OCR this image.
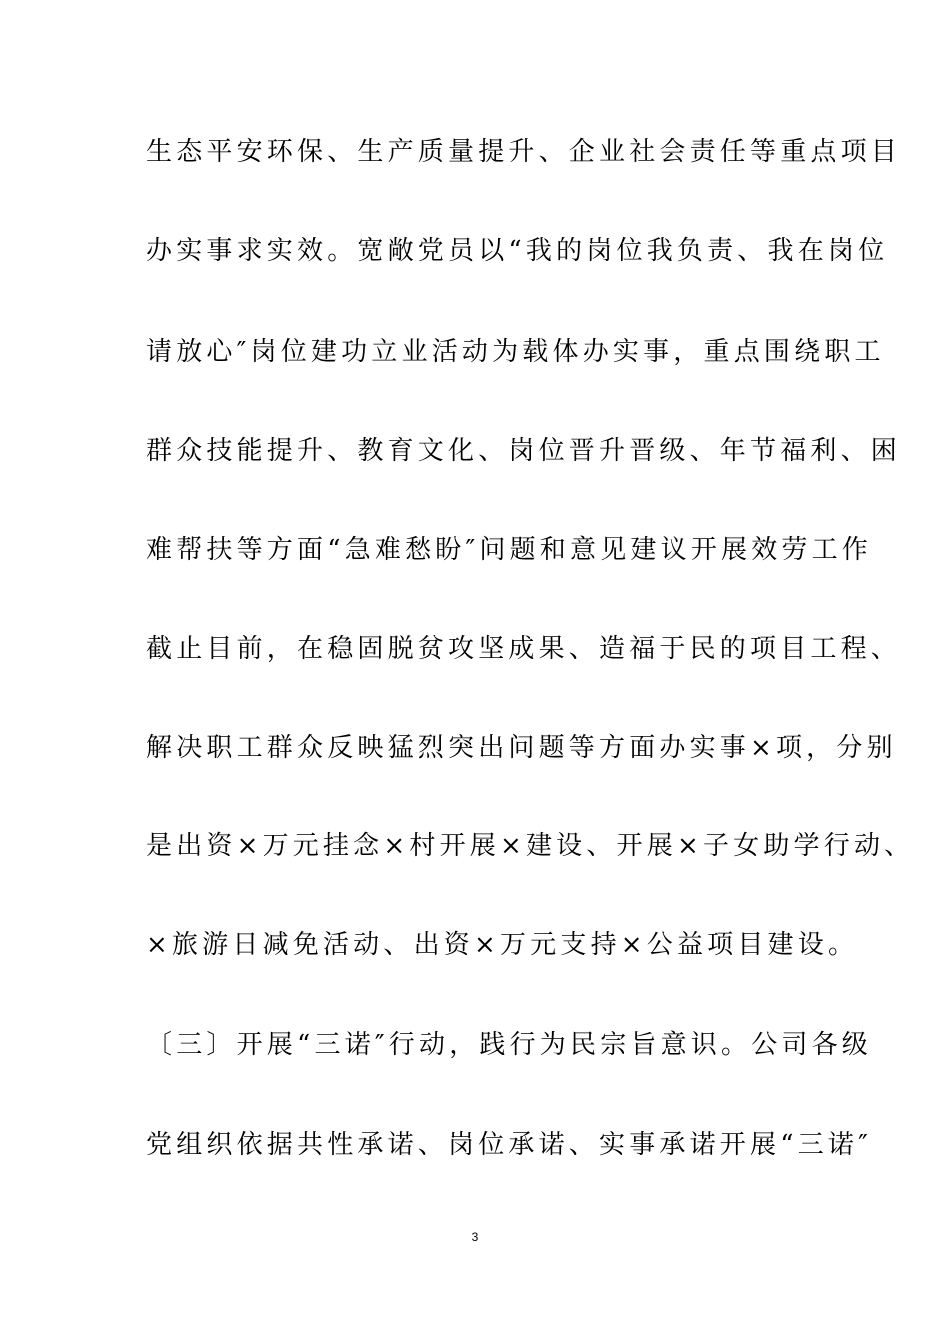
生态平安环保、生产质量提升、企业社会责任等重点项目
办实事求实效。宽敞党员以“我的岗位我负责、我在岗位
请放心″岗位建功立业活动为载体办实事，重点围绕职工
群众技能提升、教育文化、岗位晋升晋级、年节福利、困
难帮扶等方面“急难愁盼″问题和意见建议开展效劳工作
截止目前，在稳固脱贫攻坚成果、造福于民的项目工程、
解决职工群众反映猛烈突出问题等方面办实事×项，分别
是出资×万元挂念×村开展×建设、开展×子女助学行动、
×旅游日减免活动、出资×万元支持×公益项目建设。
〔三〕开展“三诺″行动，践行为民宗旨意识。公司各级
党组织依据共性承诺、岗位承诺、实事承诺开展“三诺″
3
